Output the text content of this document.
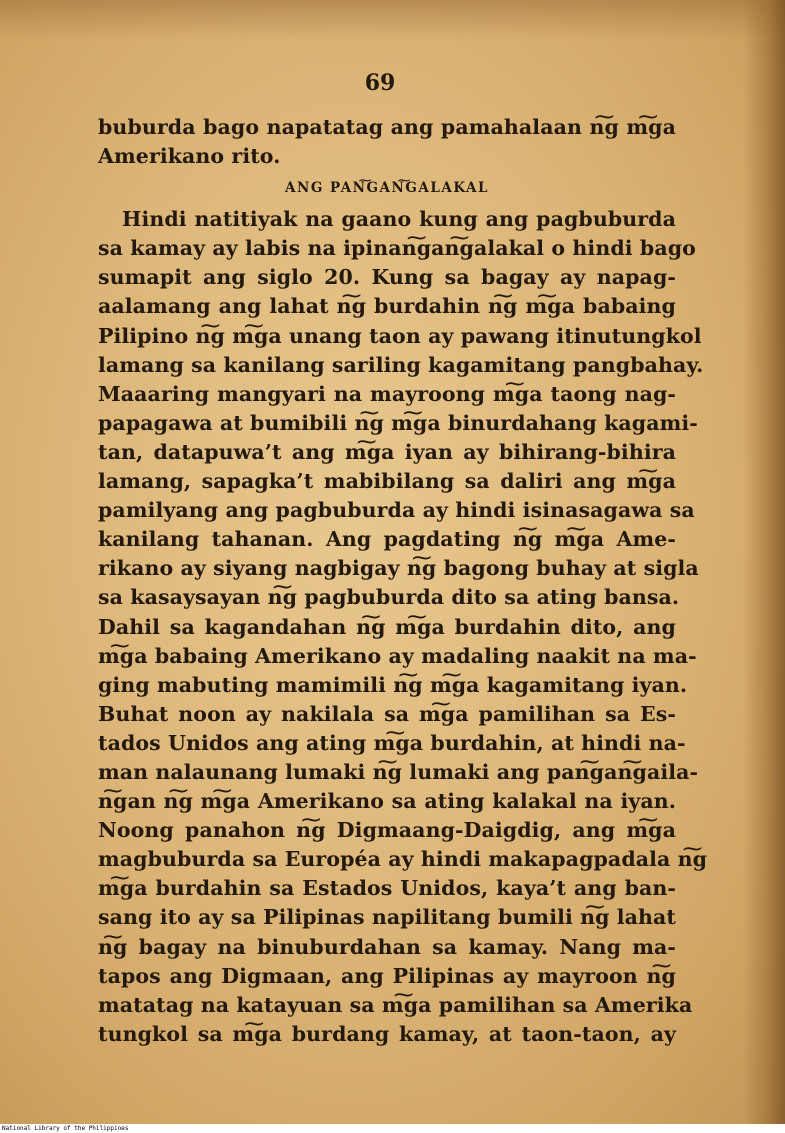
69
buburda bago napatatag ang pamahalaan n͠g m͠ga
Amerikano rito.
ANG PAN͠GAN͠GALAKAL
Hindi natitiyak na gaano kung ang pagbuburda
sa kamay ay labis na ipinan͠gan͠galakal o hindi bago
sumapit ang siglo 20. Kung sa bagay ay napag-
aalamang ang lahat n͠g burdahin n͠g m͠ga babaing
Pilipino n͠g m͠ga unang taon ay pawang itinutungkol
lamang sa kanilang sariling kagamitang pangbahay.
Maaaring mangyari na mayroong m͠ga taong nag-
papagawa at bumibili n͠g m͠ga binurdahang kagami-
tan, datapuwa’t ang m͠ga iyan ay bihirang-bihira
lamang, sapagka’t mabibilang sa daliri ang m͠ga
pamilyang ang pagbuburda ay hindi isinasagawa sa
kanilang tahanan. Ang pagdating n͠g m͠ga Ame-
rikano ay siyang nagbigay n͠g bagong buhay at sigla
sa kasaysayan n͠g pagbuburda dito sa ating bansa.
Dahil sa kagandahan n͠g m͠ga burdahin dito, ang
m͠ga babaing Amerikano ay madaling naakit na ma-
ging mabuting mamimili n͠g m͠ga kagamitang iyan.
Buhat noon ay nakilala sa m͠ga pamilihan sa Es-
tados Unidos ang ating m͠ga burdahin, at hindi na-
man nalaunang lumaki n͠g lumaki ang pan͠gan͠gaila-
n͠gan n͠g m͠ga Amerikano sa ating kalakal na iyan.
Noong panahon n͠g Digmaang-Daigdig, ang m͠ga
magbuburda sa Européa ay hindi makapagpadala n͠g
m͠ga burdahin sa Estados Unidos, kaya’t ang ban-
sang ito ay sa Pilipinas napilitang bumili n͠g lahat
n͠g bagay na binuburdahan sa kamay. Nang ma-
tapos ang Digmaan, ang Pilipinas ay mayroon n͠g
matatag na katayuan sa m͠ga pamilihan sa Amerika
tungkol sa m͠ga burdang kamay, at taon-taon, ay
National Library of the Philippines
